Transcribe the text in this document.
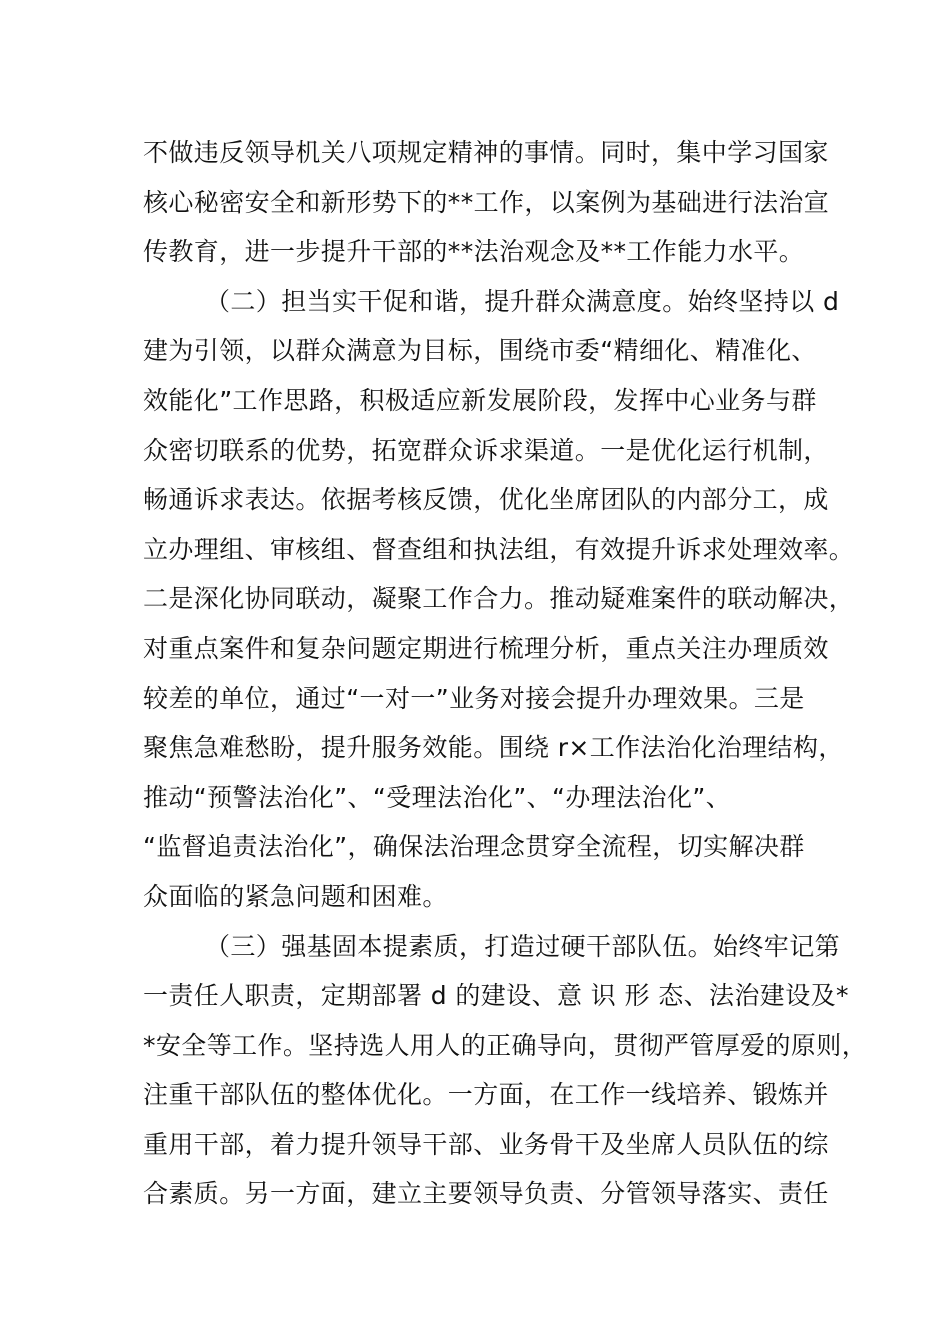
不做违反领导机关八项规定精神的事情。同时，集中学习国家
核心秘密安全和新形势下的**工作，以案例为基础进行法治宣
传教育，进一步提升干部的**法治观念及**工作能力水平。
（二）担当实干促和谐，提升群众满意度。始终坚持以 d
建为引领，以群众满意为目标，围绕市委“精细化、精准化、
效能化”工作思路，积极适应新发展阶段，发挥中心业务与群
众密切联系的优势，拓宽群众诉求渠道。一是优化运行机制，
畅通诉求表达。依据考核反馈，优化坐席团队的内部分工，成
立办理组、审核组、督查组和执法组，有效提升诉求处理效率。
二是深化协同联动，凝聚工作合力。推动疑难案件的联动解决，
对重点案件和复杂问题定期进行梳理分析，重点关注办理质效
较差的单位，通过“一对一”业务对接会提升办理效果。三是
聚焦急难愁盼，提升服务效能。围绕 r×工作法治化治理结构，
推动“预警法治化”、“受理法治化”、“办理法治化”、
“监督追责法治化”，确保法治理念贯穿全流程，切实解决群
众面临的紧急问题和困难。
（三）强基固本提素质，打造过硬干部队伍。始终牢记第
一责任人职责，定期部署 d 的建设、意 识 形 态、法治建设及*
*安全等工作。坚持选人用人的正确导向，贯彻严管厚爱的原则，
注重干部队伍的整体优化。一方面，在工作一线培养、锻炼并
重用干部，着力提升领导干部、业务骨干及坐席人员队伍的综
合素质。另一方面，建立主要领导负责、分管领导落实、责任
